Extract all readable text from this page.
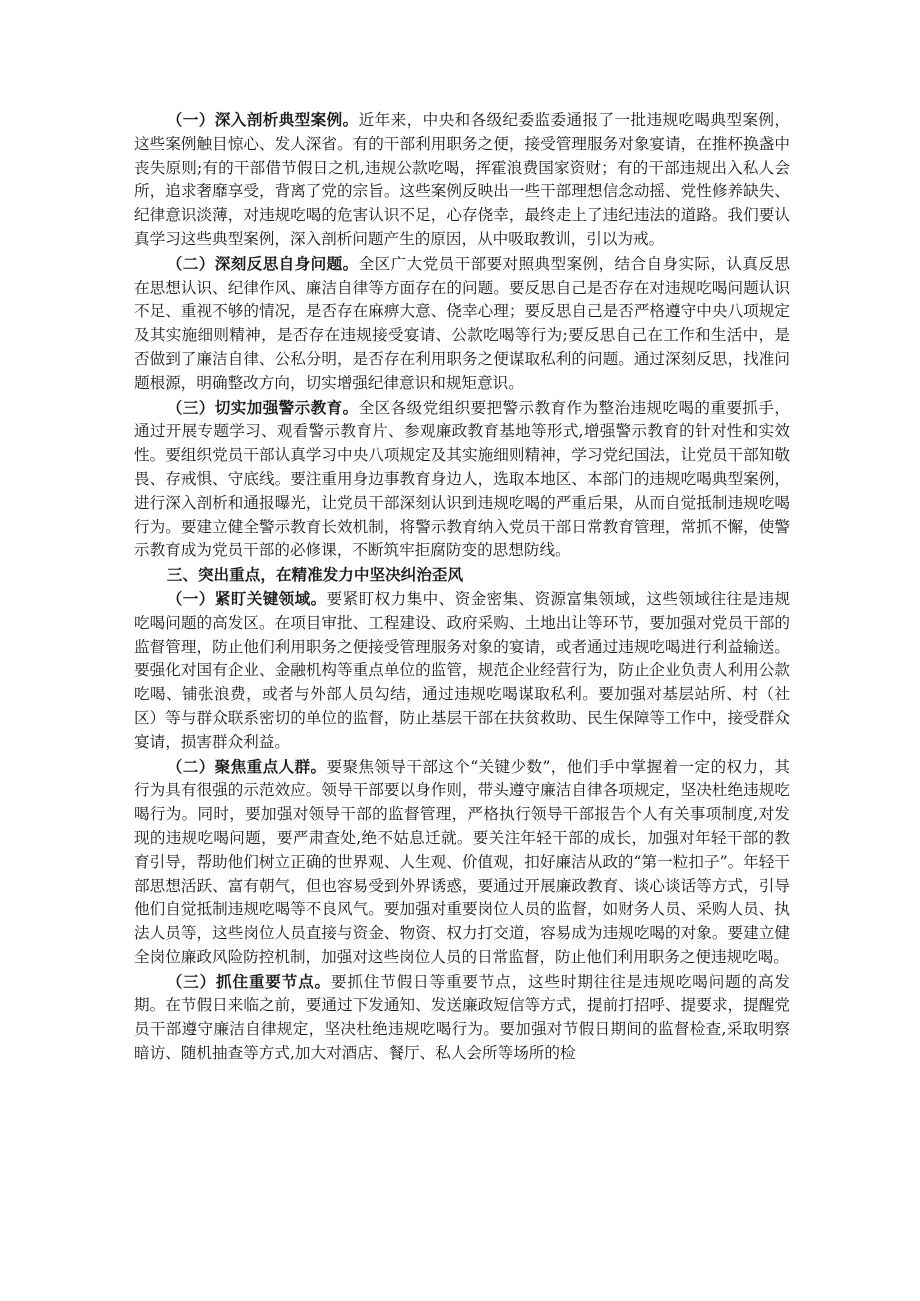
（一）深入剖析典型案例。近年来，中央和各级纪委监委通报了一批违规吃喝典型案例，这些案例触目惊心、发人深省。有的干部利用职务之便，接受管理服务对象宴请，在推杯换盏中丧失原则;有的干部借节假日之机,违规公款吃喝，挥霍浪费国家资财；有的干部违规出入私人会所，追求奢靡享受，背离了党的宗旨。这些案例反映出一些干部理想信念动摇、党性修养缺失、纪律意识淡薄，对违规吃喝的危害认识不足，心存侥幸，最终走上了违纪违法的道路。我们要认真学习这些典型案例，深入剖析问题产生的原因，从中吸取教训，引以为戒。

（二）深刻反思自身问题。全区广大党员干部要对照典型案例，结合自身实际，认真反思在思想认识、纪律作风、廉洁自律等方面存在的问题。要反思自己是否存在对违规吃喝问题认识不足、重视不够的情况，是否存在麻痹大意、侥幸心理；要反思自己是否严格遵守中央八项规定及其实施细则精神，是否存在违规接受宴请、公款吃喝等行为;要反思自己在工作和生活中，是否做到了廉洁自律、公私分明，是否存在利用职务之便谋取私利的问题。通过深刻反思，找准问题根源，明确整改方向，切实增强纪律意识和规矩意识。

（三）切实加强警示教育。全区各级党组织要把警示教育作为整治违规吃喝的重要抓手，通过开展专题学习、观看警示教育片、参观廉政教育基地等形式,增强警示教育的针对性和实效性。要组织党员干部认真学习中央八项规定及其实施细则精神，学习党纪国法，让党员干部知敬畏、存戒惧、守底线。要注重用身边事教育身边人，选取本地区、本部门的违规吃喝典型案例，进行深入剖析和通报曝光，让党员干部深刻认识到违规吃喝的严重后果，从而自觉抵制违规吃喝行为。要建立健全警示教育长效机制，将警示教育纳入党员干部日常教育管理，常抓不懈，使警示教育成为党员干部的必修课，不断筑牢拒腐防变的思想防线。

三、突出重点，在精准发力中坚决纠治歪风

（一）紧盯关键领域。要紧盯权力集中、资金密集、资源富集领域，这些领域往往是违规吃喝问题的高发区。在项目审批、工程建设、政府采购、土地出让等环节，要加强对党员干部的监督管理，防止他们利用职务之便接受管理服务对象的宴请，或者通过违规吃喝进行利益输送。要强化对国有企业、金融机构等重点单位的监管，规范企业经营行为，防止企业负责人利用公款吃喝、铺张浪费，或者与外部人员勾结，通过违规吃喝谋取私利。要加强对基层站所、村（社区）等与群众联系密切的单位的监督，防止基层干部在扶贫救助、民生保障等工作中，接受群众宴请，损害群众利益。

（二）聚焦重点人群。要聚焦领导干部这个“关键少数”，他们手中掌握着一定的权力，其行为具有很强的示范效应。领导干部要以身作则，带头遵守廉洁自律各项规定，坚决杜绝违规吃喝行为。同时，要加强对领导干部的监督管理，严格执行领导干部报告个人有关事项制度,对发现的违规吃喝问题，要严肃查处,绝不姑息迁就。要关注年轻干部的成长，加强对年轻干部的教育引导，帮助他们树立正确的世界观、人生观、价值观，扣好廉洁从政的“第一粒扣子”。年轻干部思想活跃、富有朝气，但也容易受到外界诱惑，要通过开展廉政教育、谈心谈话等方式，引导他们自觉抵制违规吃喝等不良风气。要加强对重要岗位人员的监督，如财务人员、采购人员、执法人员等，这些岗位人员直接与资金、物资、权力打交道，容易成为违规吃喝的对象。要建立健全岗位廉政风险防控机制，加强对这些岗位人员的日常监督，防止他们利用职务之便违规吃喝。

（三）抓住重要节点。要抓住节假日等重要节点，这些时期往往是违规吃喝问题的高发期。在节假日来临之前，要通过下发通知、发送廉政短信等方式，提前打招呼、提要求，提醒党员干部遵守廉洁自律规定，坚决杜绝违规吃喝行为。要加强对节假日期间的监督检查,采取明察暗访、随机抽查等方式,加大对酒店、餐厅、私人会所等场所的检
